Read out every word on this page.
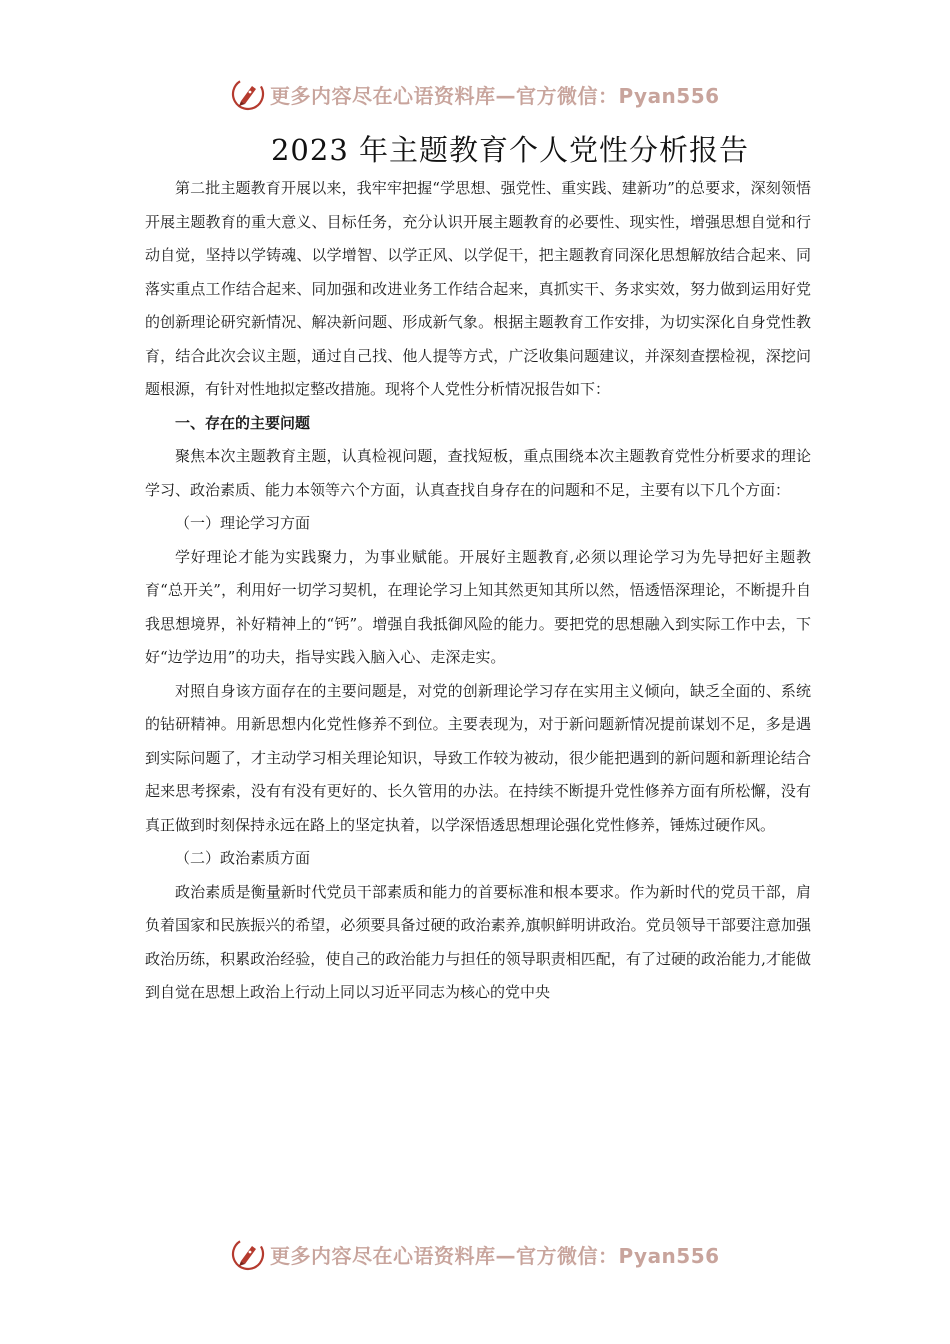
更多内容尽在心语资料库—官方微信：Pyan556
2023 年主题教育个人党性分析报告

第二批主题教育开展以来，我牢牢把握“学思想、强党性、重实践、建新功”的总要求，深刻领悟开展主题教育的重大意义、目标任务，充分认识开展主题教育的必要性、现实性，增强思想自觉和行动自觉，坚持以学铸魂、以学增智、以学正风、以学促干，把主题教育同深化思想解放结合起来、同落实重点工作结合起来、同加强和改进业务工作结合起来，真抓实干、务求实效，努力做到运用好党的创新理论研究新情况、解决新问题、形成新气象。根据主题教育工作安排，为切实深化自身党性教育，结合此次会议主题，通过自己找、他人提等方式，广泛收集问题建议，并深刻查摆检视，深挖问题根源，有针对性地拟定整改措施。现将个人党性分析情况报告如下：

一、存在的主要问题

聚焦本次主题教育主题，认真检视问题，查找短板，重点围绕本次主题教育党性分析要求的理论学习、政治素质、能力本领等六个方面，认真查找自身存在的问题和不足，主要有以下几个方面：

（一）理论学习方面

学好理论才能为实践聚力，为事业赋能。开展好主题教育,必须以理论学习为先导把好主题教育“总开关”，利用好一切学习契机，在理论学习上知其然更知其所以然，悟透悟深理论，不断提升自我思想境界，补好精神上的“钙”。增强自我抵御风险的能力。要把党的思想融入到实际工作中去，下好“边学边用”的功夫，指导实践入脑入心、走深走实。

对照自身该方面存在的主要问题是，对党的创新理论学习存在实用主义倾向，缺乏全面的、系统的钻研精神。用新思想内化党性修养不到位。主要表现为，对于新问题新情况提前谋划不足，多是遇到实际问题了，才主动学习相关理论知识，导致工作较为被动，很少能把遇到的新问题和新理论结合起来思考探索，没有有没有更好的、长久管用的办法。在持续不断提升党性修养方面有所松懈，没有真正做到时刻保持永远在路上的坚定执着，以学深悟透思想理论强化党性修养，锤炼过硬作风。

（二）政治素质方面

政治素质是衡量新时代党员干部素质和能力的首要标准和根本要求。作为新时代的党员干部，肩负着国家和民族振兴的希望，必须要具备过硬的政治素养,旗帜鲜明讲政治。党员领导干部要注意加强政治历练，积累政治经验，使自己的政治能力与担任的领导职责相匹配，有了过硬的政治能力,才能做到自觉在思想上政治上行动上同以习近平同志为核心的党中央

更多内容尽在心语资料库—官方微信：Pyan556
